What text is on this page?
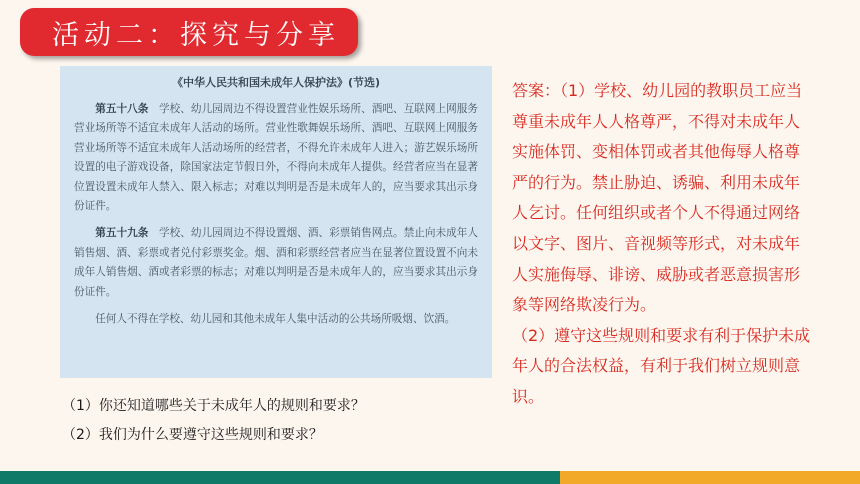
活动二：探究与分享
《中华人民共和国未成年人保护法》(节选)

第五十八条　 学校、幼儿园周边不得设置营业性娱乐场所、酒吧、互联网上网服务营业场所等不适宜未成年人活动的场所。营业性歌舞娱乐场所、酒吧、互联网上网服务营业场所等不适宜未成年人活动场所的经营者，不得允许未成年人进入；游艺娱乐场所设置的电子游戏设备，除国家法定节假日外，不得向未成年人提供。经营者应当在显著位置设置未成年人禁入、限入标志；对难以判明是否是未成年人的，应当要求其出示身份证件。

第五十九条　 学校、幼儿园周边不得设置烟、酒、彩票销售网点。禁止向未成年人销售烟、酒、彩票或者兑付彩票奖金。烟、酒和彩票经营者应当在显著位置设置不向未成年人销售烟、酒或者彩票的标志；对难以判明是否是未成年人的，应当要求其出示身份证件。

任何人不得在学校、幼儿园和其他未成年人集中活动的公共场所吸烟、饮酒。

（1）你还知道哪些关于未成年人的规则和要求？
（2）我们为什么要遵守这些规则和要求？

答案：（1）学校、幼儿园的教职员工应当尊重未成年人人格尊严，不得对未成年人实施体罚、变相体罚或者其他侮辱人格尊严的行为。禁止胁迫、诱骗、利用未成年人乞讨。任何组织或者个人不得通过网络以文字、图片、音视频等形式，对未成年人实施侮辱、诽谤、威胁或者恶意损害形象等网络欺凌行为。

（2）遵守这些规则和要求有利于保护未成年人的合法权益，有利于我们树立规则意识。
